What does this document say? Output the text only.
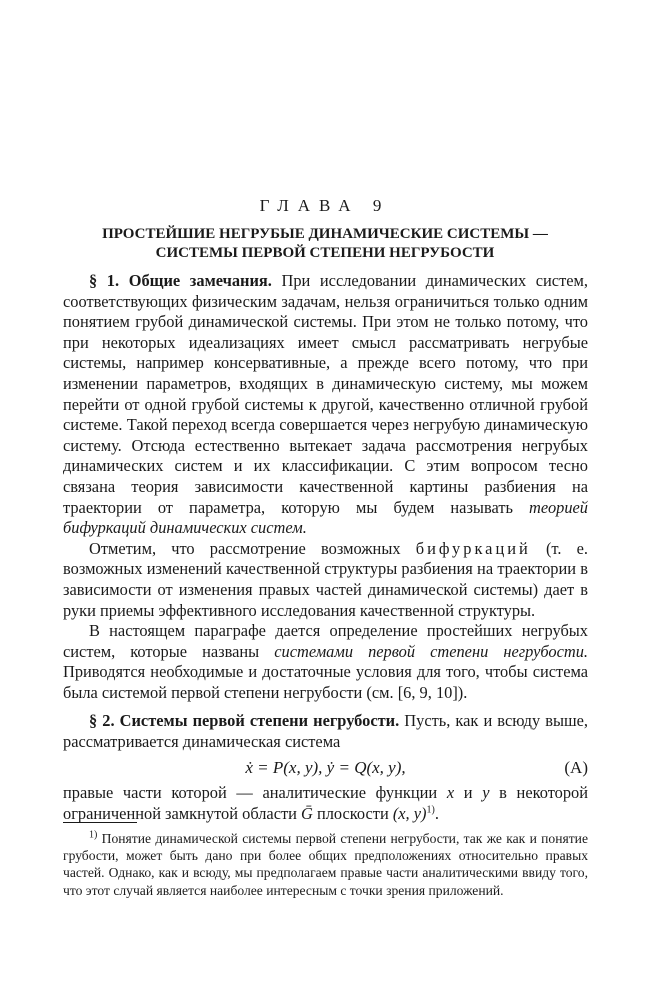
ГЛАВА 9
ПРОСТЕЙШИЕ НЕГРУБЫЕ ДИНАМИЧЕСКИЕ СИСТЕМЫ —
СИСТЕМЫ ПЕРВОЙ СТЕПЕНИ НЕГРУБОСТИ

§ 1. Общие замечания. При исследовании динамических систем, соответствующих физическим задачам, нельзя ограничиться только одним понятием грубой динамической системы. При этом не только потому, что при некоторых идеализациях имеет смысл рассматривать негрубые системы, например консервативные, а прежде всего потому, что при изменении параметров, входящих в динамическую систему, мы можем перейти от одной грубой системы к другой, качественно отличной грубой системе. Такой переход всегда совершается через негрубую динамическую систему. Отсюда естественно вытекает задача рассмотрения негрубых динамических систем и их классификации. С этим вопросом тесно связана теория зависимости качественной картины разбиения на траектории от параметра, которую мы будем называть теорией бифуркаций динамических систем.

Отметим, что рассмотрение возможных бифуркаций (т. е. возможных изменений качественной структуры разбиения на траектории в зависимости от изменения правых частей динамической системы) дает в руки приемы эффективного исследования качественной структуры.

В настоящем параграфе дается определение простейших негрубых систем, которые названы системами первой степени негрубости. Приводятся необходимые и достаточные условия для того, чтобы система была системой первой степени негрубости (см. [6, 9, 10]).

§ 2. Системы первой степени негрубости. Пусть, как и всюду выше, рассматривается динамическая система

ẋ = P(x, y), ẏ = Q(x, y),	(A)

правые части которой — аналитические функции x и y в некоторой ограниченной замкнутой области Ḡ плоскости (x, y)$^{1)}$.

$^{1)}$ Понятие динамической системы первой степени негрубости, так же как и понятие грубости, может быть дано при более общих предположениях относительно правых частей. Однако, как и всюду, мы предполагаем правые части аналитическими ввиду того, что этот случай является наиболее интересным с точки зрения приложений.
